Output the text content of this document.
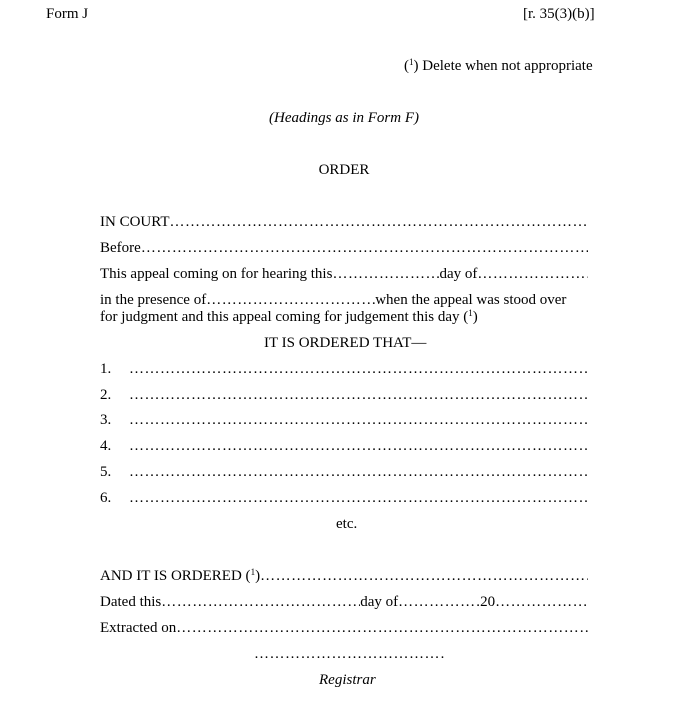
Form J	[r. 35(3)(b)]
($^1$) Delete when not appropriate
(Headings as in Form F)
ORDER
IN COURT
………………………………………………………………………………………………………………………………………
Before
………………………………………………………………………………………………………………………………………
This appeal coming on for hearing this ………………………………………………………………………………………………………………………………………	day of
………………………………………………………………………………………………………………………………………
in the presence of ………………………………………………………………………………………………………………………………………	when the appeal was stood over
for judgment and this appeal coming for judgement this day ($^1$)
IT IS ORDERED THAT—
1.
………………………………………………………………………………………………………………………………………
2.
………………………………………………………………………………………………………………………………………
3.
………………………………………………………………………………………………………………………………………
4.
………………………………………………………………………………………………………………………………………
5.
………………………………………………………………………………………………………………………………………
6.
………………………………………………………………………………………………………………………………………
etc.
AND IT IS ORDERED ($^1$)
………………………………………………………………………………………………………………………………………
Dated this ………………………………………………………………………………………………………………………………………	day of ………………………………………………………………………………………………………………………………………	20
………………………………………………………………………………………………………………………………………
Extracted on
………………………………………………………………………………………………………………………………………
………………………………………………………………………………………………………………………………………
Registrar
